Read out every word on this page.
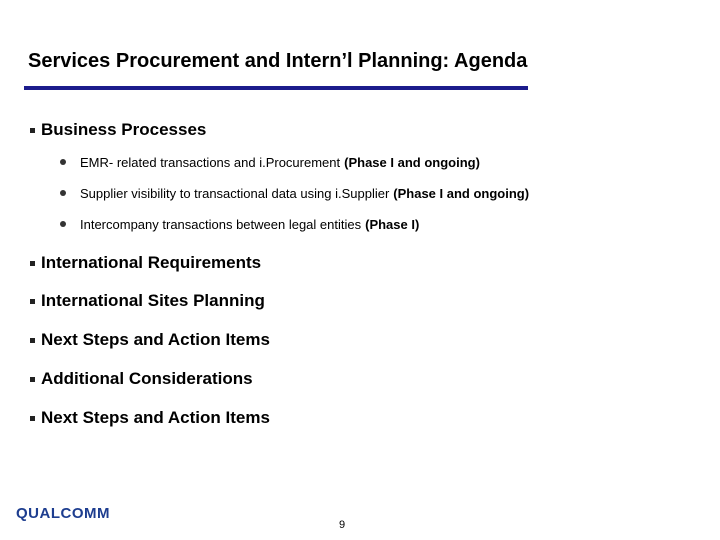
Services Procurement and Intern’l Planning: Agenda
Business Processes
EMR- related transactions and i.Procurement (Phase I and ongoing)
Supplier visibility to transactional data using i.Supplier (Phase I and ongoing)
Intercompany transactions between legal entities (Phase I)
International Requirements
International Sites Planning
Next Steps and Action Items
Additional Considerations
Next Steps and Action Items
QUALCOMM
9
